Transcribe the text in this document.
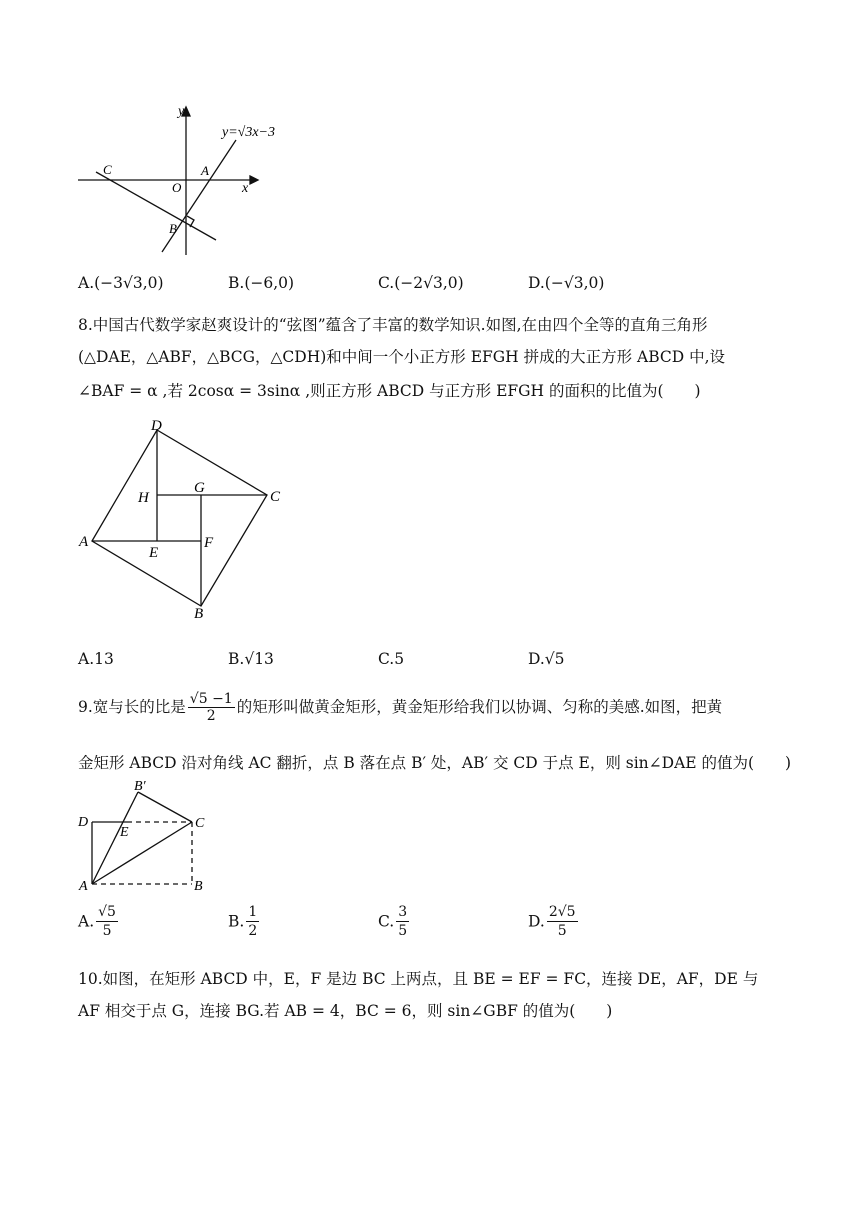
y=√3x−3
y
x
O
A
B
C
A.(−3√3,0)	B.(−6,0)	C.(−2√3,0)	D.(−√3,0)
8.中国古代数学家赵爽设计的“弦图”蕴含了丰富的数学知识.如图,在由四个全等的直角三角形
(△DAE，△ABF，△BCG，△CDH)和中间一个小正方形 EFGH 拼成的大正方形 ABCD 中,设
∠BAF = α ,若 2cosα = 3sinα ,则正方形 ABCD 与正方形 EFGH 的面积的比值为(　　)
D
A
B
C
H
G
E
F
A.13	B.√13	C.5	D.√5
9.宽与长的比是 $\frac{√5 -1}{2}$ 的矩形叫做黄金矩形，黄金矩形给我们以协调、匀称的美感.如图，把黄
金矩形 ABCD 沿对角线 AC 翻折，点 B 落在点 B′ 处，AB′ 交 CD 于点 E，则 sin∠DAE 的值为(　　)
B′
D
E
C
A	B
A. $\frac{√5}{5}$	B. $\frac{1}{2}$	C. $\frac{3}{5}$	D. $\frac{2√5}{5}$
10.如图，在矩形 ABCD 中，E，F 是边 BC 上两点，且 BE = EF = FC，连接 DE，AF，DE 与
AF 相交于点 G，连接 BG.若 AB = 4，BC = 6，则 sin∠GBF 的值为(　　)
